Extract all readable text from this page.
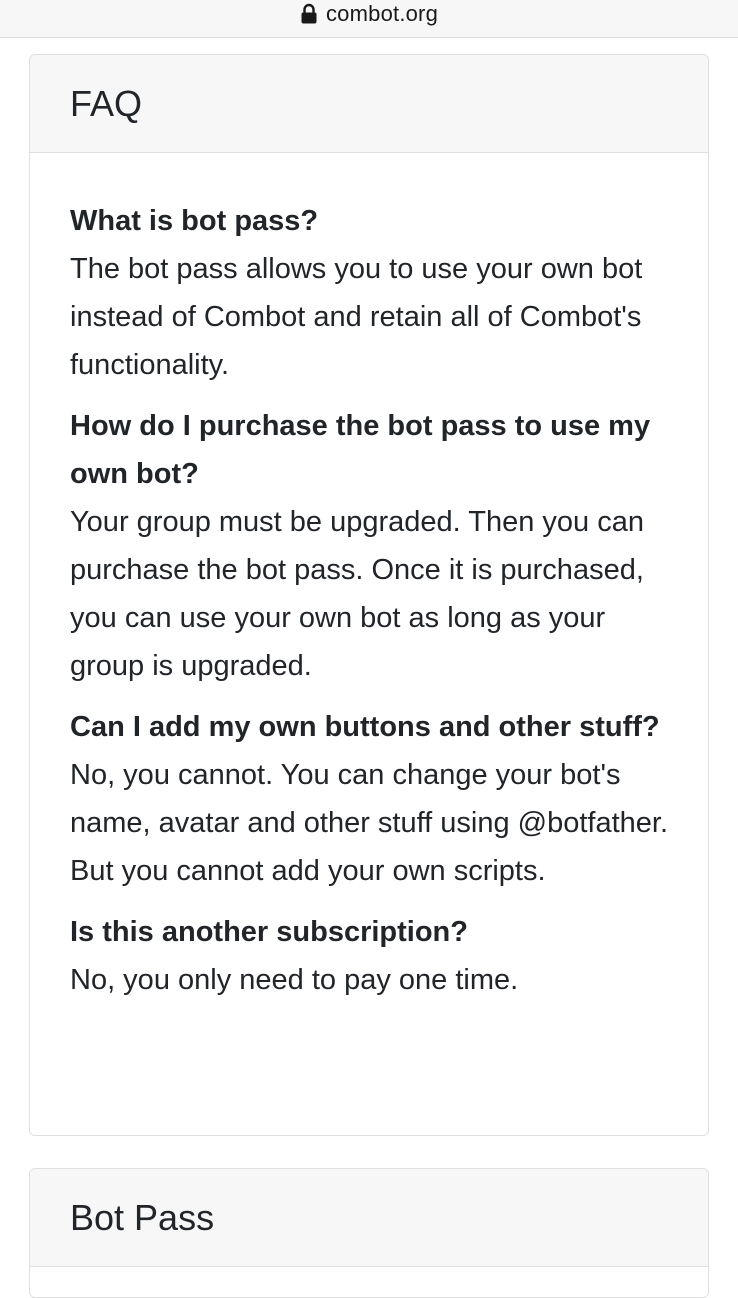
combot.org
FAQ

What is bot pass?

The bot pass allows you to use your own bot instead of Combot and retain all of Combot's functionality.

How do I purchase the bot pass to use my own bot?

Your group must be upgraded. Then you can purchase the bot pass. Once it is purchased, you can use your own bot as long as your group is upgraded.

Can I add my own buttons and other stuff?

No, you cannot. You can change your bot's name, avatar and other stuff using @botfather. But you cannot add your own scripts.

Is this another subscription?

No, you only need to pay one time.

Bot Pass
